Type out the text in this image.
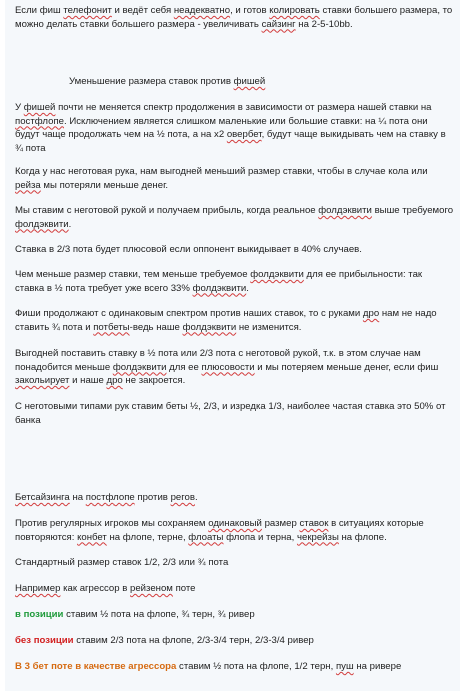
Если фиш телефонит и ведёт себя неадекватно, и готов колировать ставки большего размера, то можно делать ставки большего размера - увеличивать сайзинг на 2-5-10bb.

Уменьшение размера ставок против фишей

У фишей почти не меняется спектр продолжения в зависимости от размера нашей ставки на постфлопе. Исключением является слишком маленькие или большие ставки: на ¼ пота они будут чаще продолжать чем на ½ пота, а на х2 овербет, будут чаще выкидывать чем на ставку в ¾ пота

Когда у нас неготовая рука, нам выгодней меньший размер ставки, чтобы в случае кола или рейза мы потеряли меньше денег.

Мы ставим с неготовой рукой и получаем прибыль, когда реальное фолдэквити выше требуемого фолдэквити.

Ставка в 2/3 пота будет плюсовой если оппонент выкидывает в 40% случаев.

Чем меньше размер ставки, тем меньше требуемое фолдэквити для ее прибыльности: так ставка в ½ пота требует уже всего 33% фолдэквити.

Фиши продолжают с одинаковым спектром против наших ставок, то с руками дро нам не надо ставить ¾ пота и потбеты-ведь наше фолдэквити не изменится.

Выгодней поставить ставку в ½ пота или 2/3 пота с неготовой рукой, т.к. в этом случае нам понадобится меньше фолдэквити для ее плюсовости и мы потеряем меньше денег, если фиш закольирует и наше дро не закроется.

С неготовыми типами рук ставим беты ½, 2/3, и изредка 1/3, наиболее частая ставка это 50% от банка

Бетсайзинга на постфлопе против регов.

Против регулярных игроков мы сохраняем одинаковый размер ставок в ситуациях которые повторяются: конбет на флопе, терне, флоаты флопа и терна, чекрейзы на флопе.

Стандартный размер ставок 1/2, 2/3 или ¾ пота

Например как агрессор в рейзеном поте

в позиции ставим ½ пота на флопе, ¾ терн, ¾ ривер

без позиции ставим 2/3 пота на флопе, 2/3-3/4 терн, 2/3-3/4 ривер

В 3 бет поте в качестве агрессора ставим ½ пота на флопе, 1/2 терн, пуш на ривере
